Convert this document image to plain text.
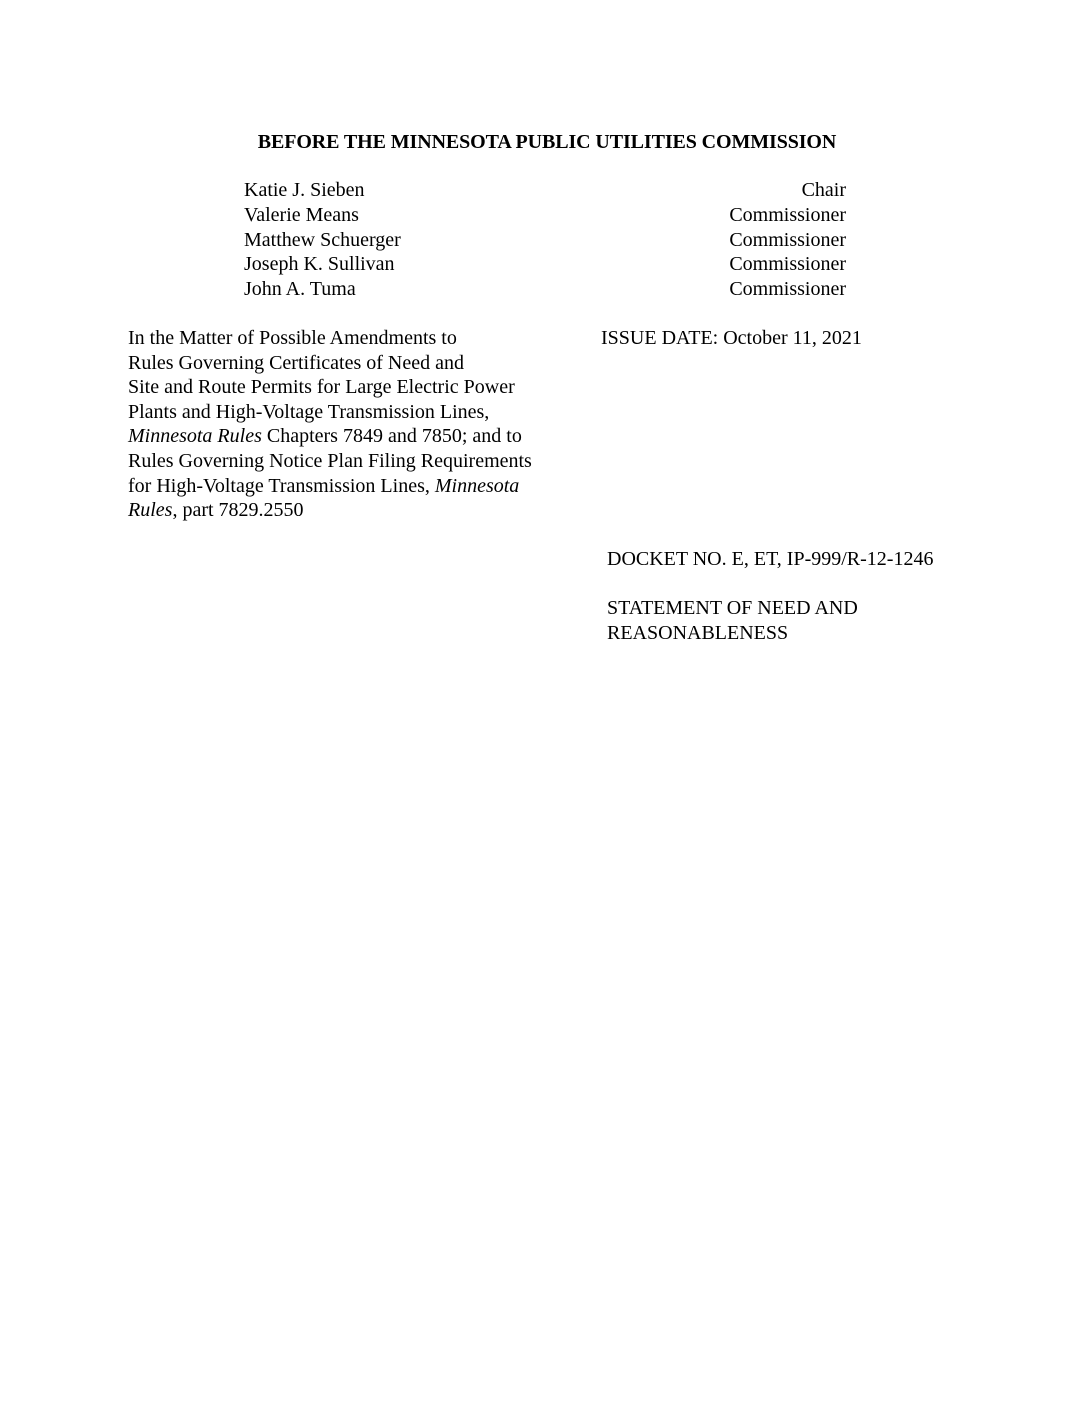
BEFORE THE MINNESOTA PUBLIC UTILITIES COMMISSION
Katie J. Sieben	Chair
Valerie Means	Commissioner
Matthew Schuerger	Commissioner
Joseph K. Sullivan	Commissioner
John A. Tuma	Commissioner
In the Matter of Possible Amendments to
Rules Governing Certificates of Need and
Site and Route Permits for Large Electric Power
Plants and High-Voltage Transmission Lines,
Minnesota Rules Chapters 7849 and 7850; and to
Rules Governing Notice Plan Filing Requirements
for High-Voltage Transmission Lines, Minnesota
Rules, part 7829.2550
ISSUE DATE: October 11, 2021
DOCKET NO. E, ET, IP-999/R-12-1246
STATEMENT OF NEED AND
REASONABLENESS
